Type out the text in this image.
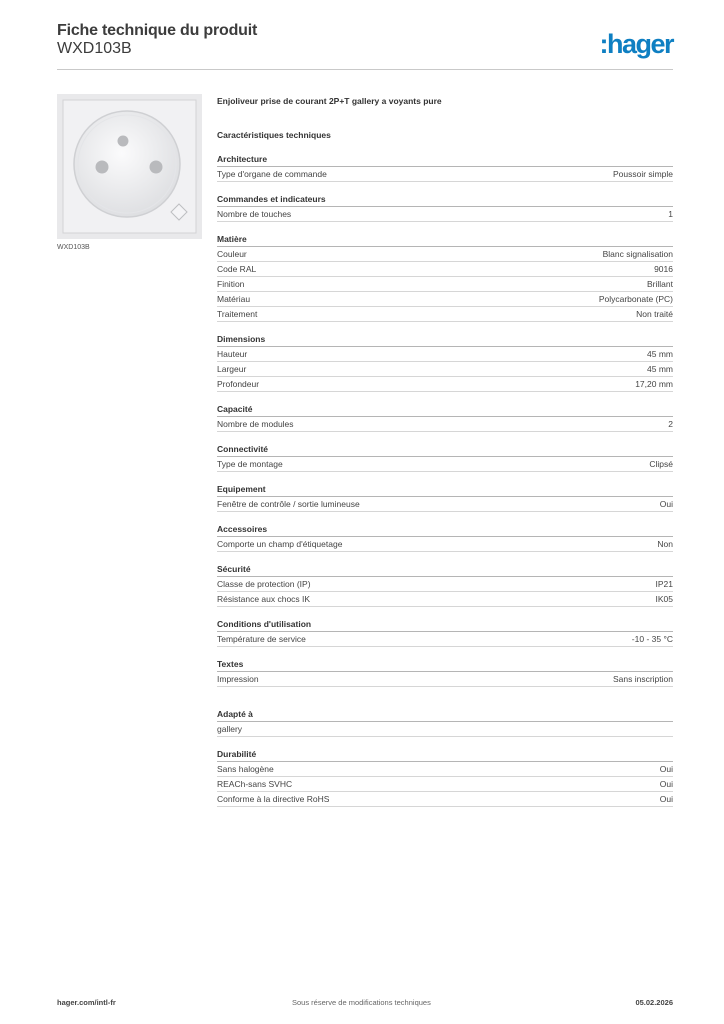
Fiche technique du produit
WXD103B	:hager
WXD103B
Enjoliveur prise de courant 2P+T gallery a voyants pure
Caractéristiques techniques
Architecture
Type d'organe de commande	Poussoir simple
Commandes et indicateurs
Nombre de touches	1
Matière
Couleur	Blanc signalisation
Code RAL	9016
Finition	Brillant
Matériau	Polycarbonate (PC)
Traitement	Non traité
Dimensions
Hauteur	45 mm
Largeur	45 mm
Profondeur	17,20 mm
Capacité
Nombre de modules	2
Connectivité
Type de montage	Clipsé
Equipement
Fenêtre de contrôle / sortie lumineuse	Oui
Accessoires
Comporte un champ d'étiquetage	Non
Sécurité
Classe de protection (IP)	IP21
Résistance aux chocs IK	IK05
Conditions d'utilisation
Température de service	-10 - 35 °C
Textes
Impression	Sans inscription
Adapté à
gallery
Durabilité
Sans halogène	Oui
REACh-sans SVHC	Oui
Conforme à la directive RoHS	Oui
hager.com/intl-fr	Sous réserve de modifications techniques	05.02.2026
